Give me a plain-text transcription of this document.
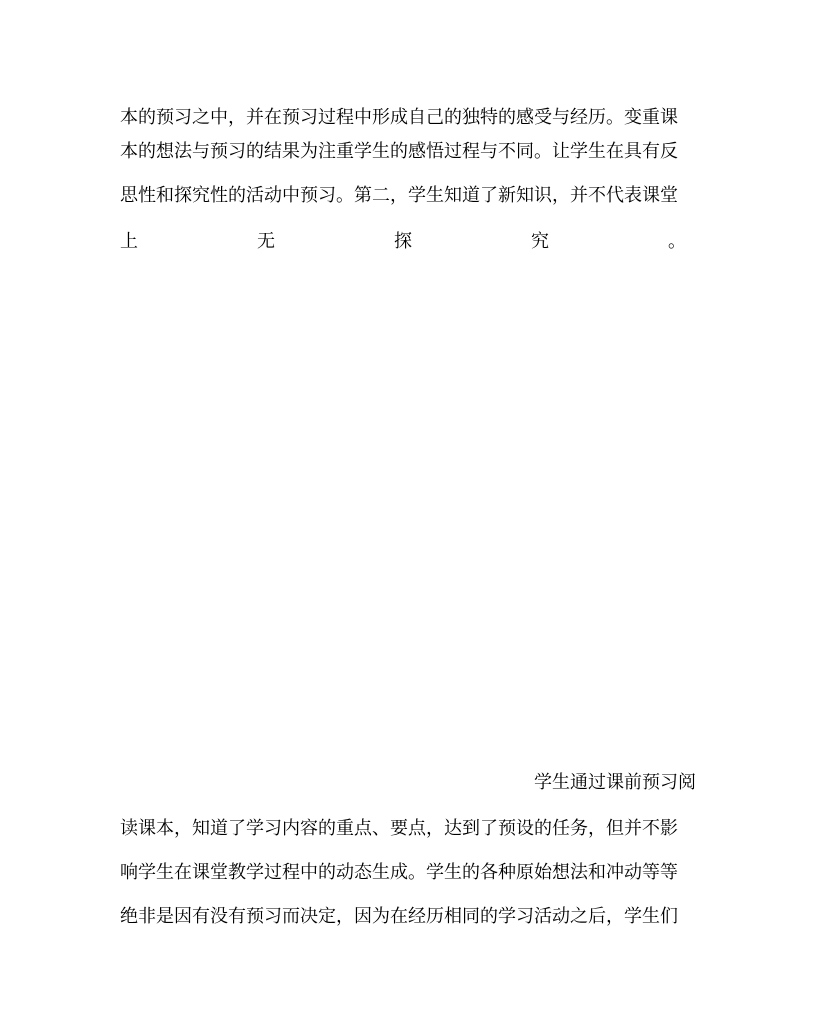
本的预习之中，并在预习过程中形成自己的独特的感受与经历。变重课
本的想法与预习的结果为注重学生的感悟过程与不同。让学生在具有反
思性和探究性的活动中预习。第二，学生知道了新知识，并不代表课堂
上	无	探	究	。
学生通过课前预习阅
读课本，知道了学习内容的重点、要点，达到了预设的任务，但并不影
响学生在课堂教学过程中的动态生成。学生的各种原始想法和冲动等等
绝非是因有没有预习而决定，因为在经历相同的学习活动之后，学生们
